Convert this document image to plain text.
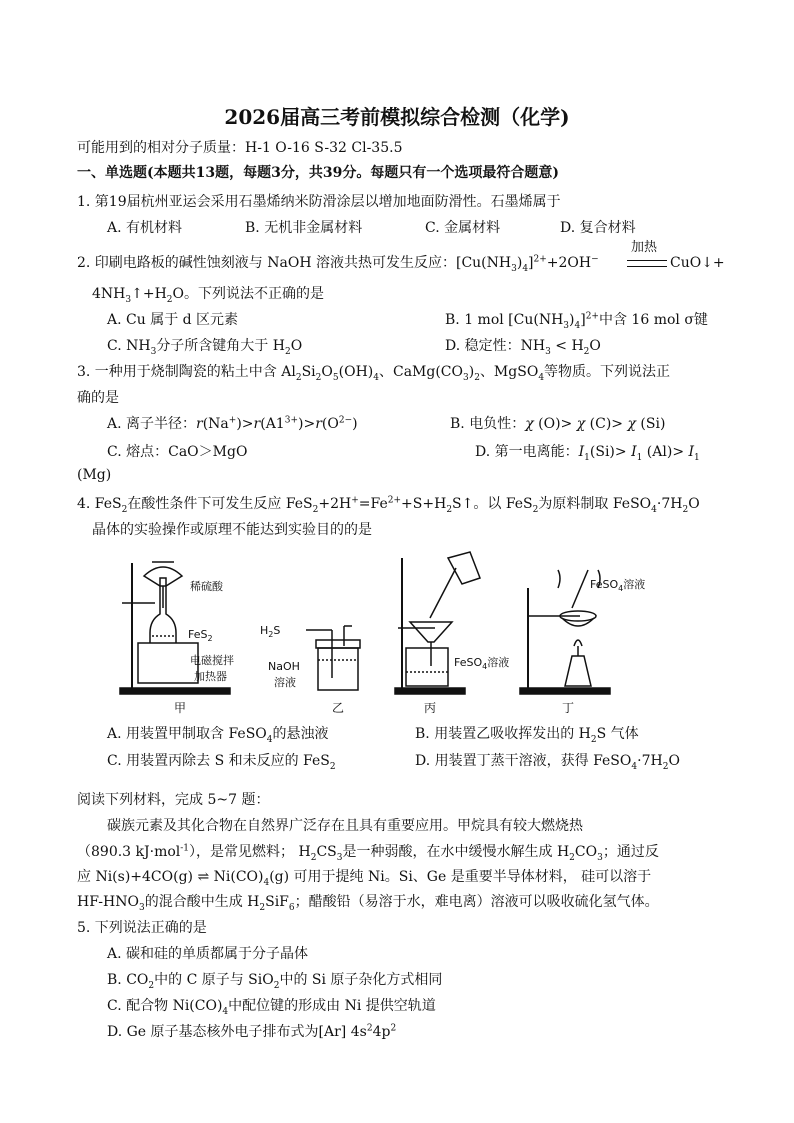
2026届高三考前模拟综合检测（化学)
可能用到的相对分子质量：H-1 O-16 S-32 Cl-35.5
一、单选题(本题共13题，每题3分，共39分。每题只有一个选项最符合题意)
1. 第19届杭州亚运会采用石墨烯纳米防滑涂层以增加地面防滑性。石墨烯属于
A. 有机材料	B. 无机非金属材料	C. 金属材料	D. 复合材料
2. 印刷电路板的碱性蚀刻液与 NaOH 溶液共热可发生反应：$[Cu(NH_3)_4]^{2+}+2OH^-$
加热
CuO↓+
$4NH_3↑+H_2O$。下列说法不正确的是
A. Cu 属于 d 区元素	B. 1 mol $[Cu(NH_3)_4]^{2+}$中含 16 mol σ键
C. $NH_3$分子所含键角大于 $H_2O$	D. 稳定性：$NH_3 < H_2O$
3. 一种用于烧制陶瓷的粘土中含 $Al_2Si_2O_5(OH)_4$、$CaMg(CO_3)_2$、MgSO$_4$等物质。下列说法正
确的是
A. 离子半径：$r(Na^+)>r(A1^{3+})>r(O^{2-})$	B. 电负性：χ (O)> χ (C)> χ (Si)
C. 熔点：CaO＞MgO	D. 第一电离能：$I_1(Si)> I_1$ $(Al)> I_1$
(Mg)
4. FeS$_2$在酸性条件下可发生反应 $FeS_2+2H^+=Fe^{2+}+S+H_2S↑$。以 FeS$_2$为原料制取 $FeSO_4\cdot 7H_2O$
晶体的实验操作或原理不能达到实验目的的是
稀硫酸
FeS$_2$
电磁搅拌
加热器
甲
$H_2S$
NaOH
溶液
乙
FeSO$_4$溶液
丙
FeSO$_4$溶液
丁
A. 用装置甲制取含 FeSO$_4$的悬浊液	B. 用装置乙吸收挥发出的 $H_2S$ 气体
C. 用装置丙除去 S 和未反应的 FeS$_2$	D. 用装置丁蒸干溶液，获得 $FeSO_4\cdot 7H_2O$
阅读下列材料，完成 5~7 题：
碳族元素及其化合物在自然界广泛存在且具有重要应用。甲烷具有较大燃烧热
（890.3 kJ·mol$^{-1}$），是常见燃料； $H_2CS_3$是一种弱酸，在水中缓慢水解生成 $H_2CO_3$；通过反
应 Ni(s)+4CO(g) ⇌ $Ni(CO)_4(g)$ 可用于提纯 Ni。Si、Ge 是重要半导体材料， 硅可以溶于
$HF-HNO_3$的混合酸中生成 $H_2SiF_6$；醋酸铅（易溶于水，难电离）溶液可以吸收硫化氢气体。
5. 下列说法正确的是
A. 碳和硅的单质都属于分子晶体
B. $CO_2$中的 C 原子与 SiO$_2$中的 Si 原子杂化方式相同
C. 配合物 $Ni(CO)_4$中配位键的形成由 Ni 提供空轨道
D. Ge 原子基态核外电子排布式为[Ar] $4s^24p^2$
